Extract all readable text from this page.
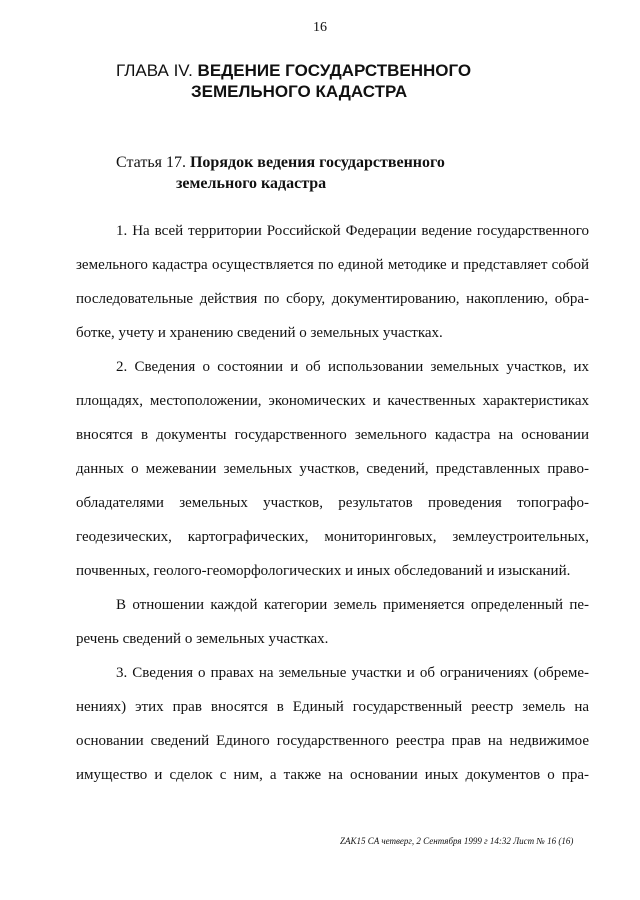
16
ГЛАВА IV. ВЕДЕНИЕ ГОСУДАРСТВЕННОГО
ЗЕМЕЛЬНОГО КАДАСТРА
Статья 17. Порядок ведения государственного
земельного кадастра
1. На всей территории Российской Федерации ведение государственного
земельного кадастра осуществляется по единой методике и представляет собой
последовательные действия по сбору, документированию, накоплению, обра-
ботке, учету и хранению сведений о земельных участках.
2. Сведения о состоянии и об использовании земельных участков, их
площадях, местоположении, экономических и качественных характеристиках
вносятся в документы государственного земельного кадастра на основании
данных о межевании земельных участков, сведений, представленных право-
обладателями земельных участков, результатов проведения топографо-
геодезических, картографических, мониторинговых, землеустроительных,
почвенных, геолого-геоморфологических и иных обследований и изысканий.
В отношении каждой категории земель применяется определенный пе-
речень сведений о земельных участках.
3. Сведения о правах на земельные участки и об ограничениях (обреме-
нениях) этих прав вносятся в Единый государственный реестр земель на
основании сведений Единого государственного реестра прав на недвижимое
имущество и сделок с ним, а также на основании иных документов о пра-
ZAK15 CA четверг, 2 Сентября 1999 г 14:32 Лист № 16 (16)
